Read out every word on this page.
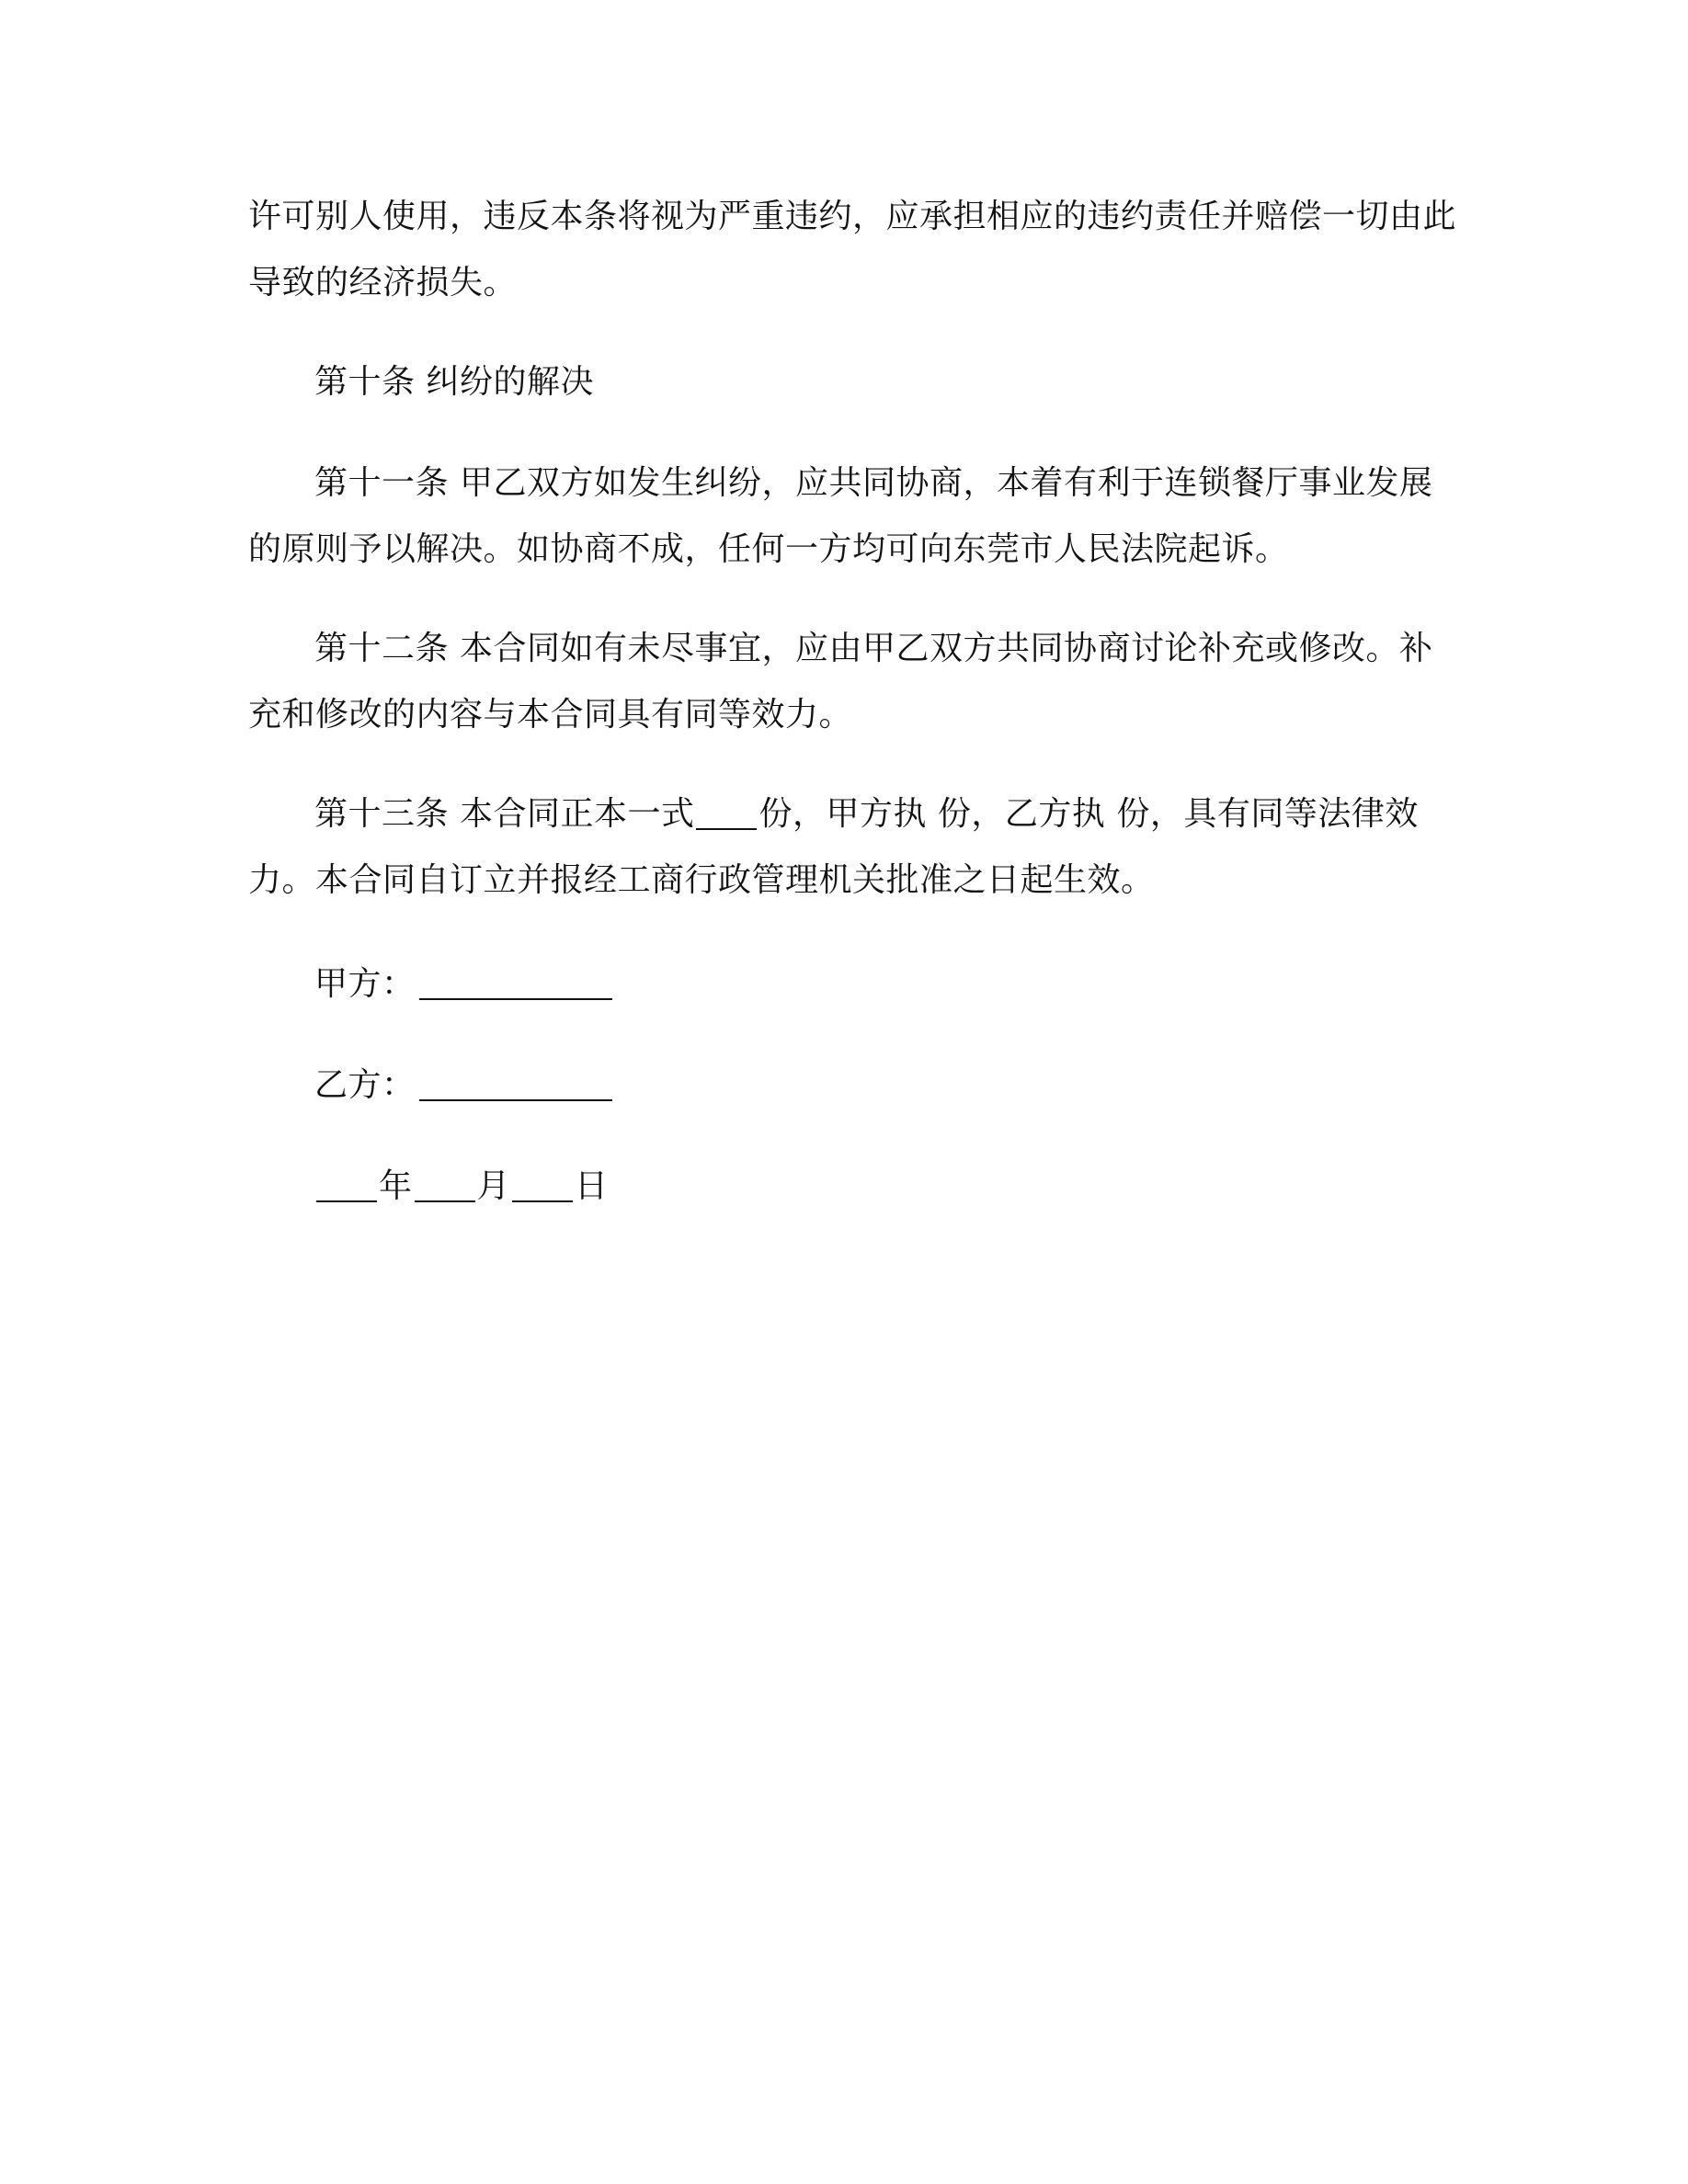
许可别人使用，违反本条将视为严重违约，应承担相应的违约责任并赔偿一切由此
导致的经济损失。
第十条 纠纷的解决
第十一条 甲乙双方如发生纠纷，应共同协商，本着有利于连锁餐厅事业发展
的原则予以解决。如协商不成，任何一方均可向东莞市人民法院起诉。
第十二条 本合同如有未尽事宜，应由甲乙双方共同协商讨论补充或修改。补
充和修改的内容与本合同具有同等效力。
第十三条 本合同正本一式 份，甲方执 份，乙方执 份，具有同等法律效
力。本合同自订立并报经工商行政管理机关批准之日起生效。
甲方：
乙方：
年 月 日
